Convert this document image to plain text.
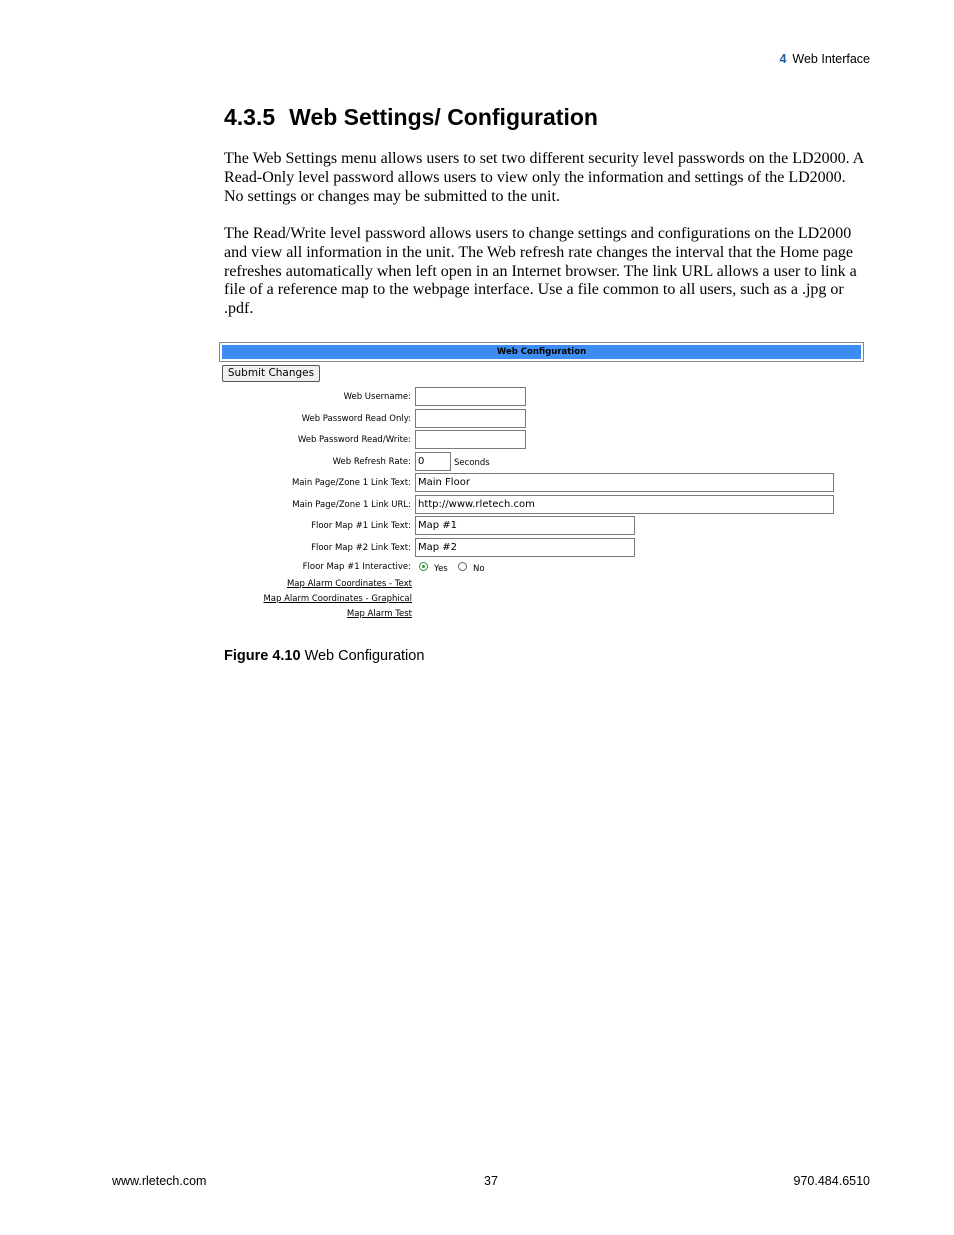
4 Web Interface
4.3.5 Web Settings/ Configuration

The Web Settings menu allows users to set two different security level passwords on the LD2000. A Read-Only level password allows users to view only the information and settings of the LD2000. No settings or changes may be submitted to the unit.

The Read/Write level password allows users to change settings and configurations on the LD2000 and view all information in the unit. The Web refresh rate changes the interval that the Home page refreshes automatically when left open in an Internet browser. The link URL allows a user to link a file of a reference map to the webpage interface. Use a file common to all users, such as a .jpg or .pdf.

Web Configuration
Submit Changes
Web Username:
Web Password Read Only:
Web Password Read/Write:
Web Refresh Rate: 0	Seconds
Main Page/Zone 1 Link Text: Main Floor
Main Page/Zone 1 Link URL: http://www.rletech.com
Floor Map #1 Link Text: Map #1
Floor Map #2 Link Text: Map #2
Floor Map #1 Interactive:	Yes	No
Map Alarm Coordinates - Text
Map Alarm Coordinates - Graphical
Map Alarm Test
Figure 4.10 Web Configuration
www.rletech.com	37	970.484.6510
